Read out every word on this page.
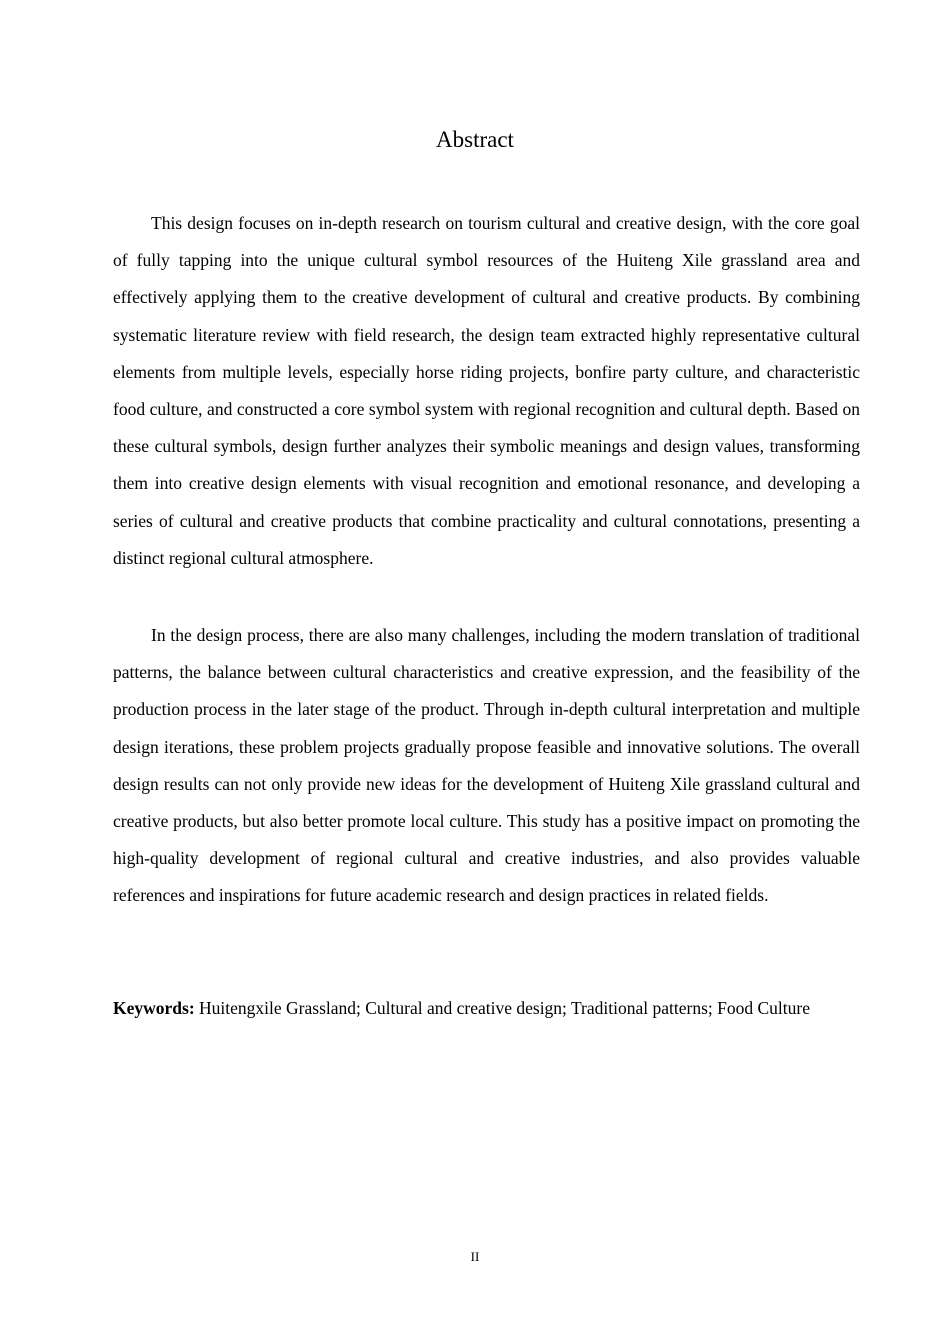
Abstract

This design focuses on in-depth research on tourism cultural and creative design, with the core goal of fully tapping into the unique cultural symbol resources of the Huiteng Xile grassland area and effectively applying them to the creative development of cultural and creative products. By combining systematic literature review with field research, the design team extracted highly representative cultural elements from multiple levels, especially horse riding projects, bonfire party culture, and characteristic food culture, and constructed a core symbol system with regional recognition and cultural depth. Based on these cultural symbols, design further analyzes their symbolic meanings and design values, transforming them into creative design elements with visual recognition and emotional resonance, and developing a series of cultural and creative products that combine practicality and cultural connotations, presenting a distinct regional cultural atmosphere.

In the design process, there are also many challenges, including the modern translation of traditional patterns, the balance between cultural characteristics and creative expression, and the feasibility of the production process in the later stage of the product. Through in-depth cultural interpretation and multiple design iterations, these problem projects gradually propose feasible and innovative solutions. The overall design results can not only provide new ideas for the development of Huiteng Xile grassland cultural and creative products, but also better promote local culture. This study has a positive impact on promoting the high-quality development of regional cultural and creative industries, and also provides valuable references and inspirations for future academic research and design practices in related fields.

Keywords: Huitengxile Grassland; Cultural and creative design; Traditional patterns; Food Culture

II
